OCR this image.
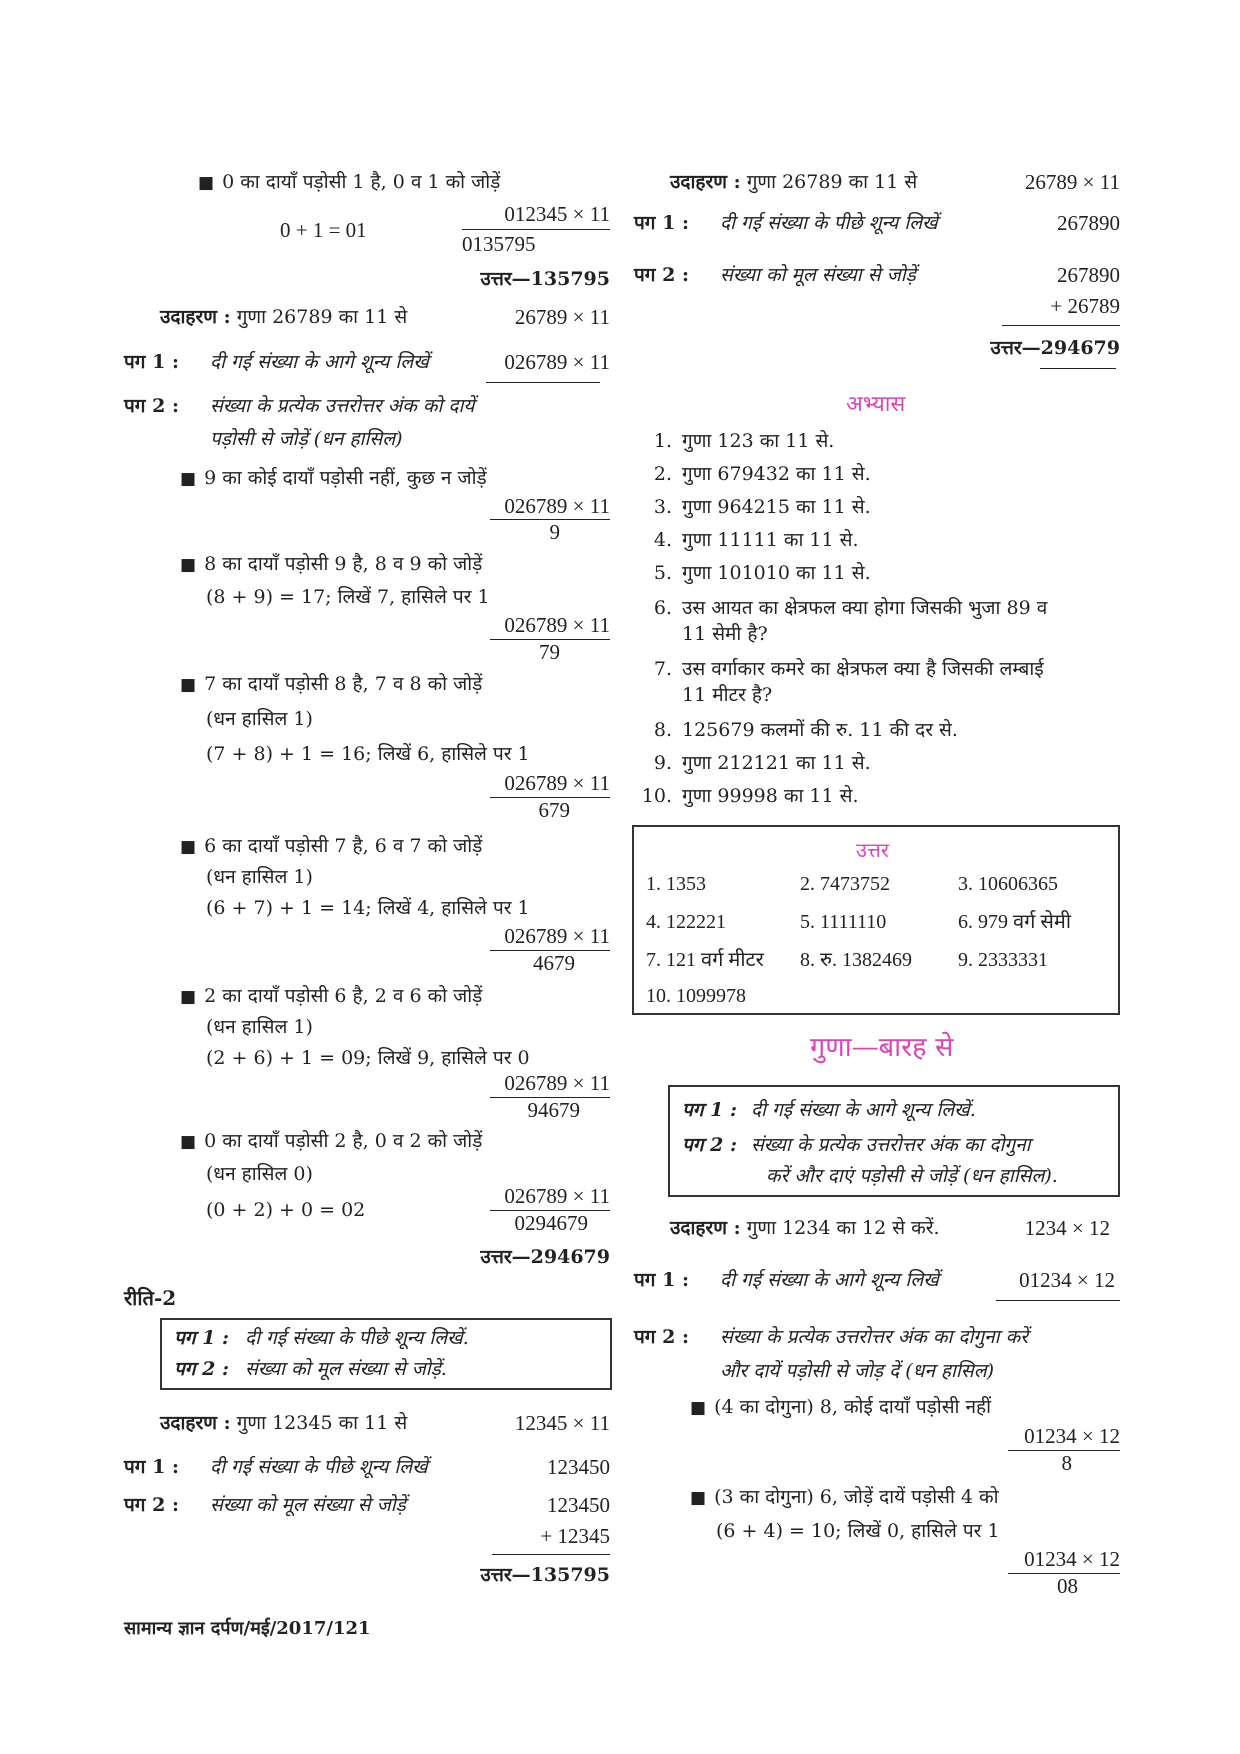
■ 0 का दायाँ पड़ोसी 1 है, 0 व 1 को जोड़ें
0 + 1 = 01
012345 × 11
0135795
उत्तर—135795
उदाहरण : गुणा 26789 का 11 से	26789 × 11
पग 1 : दी गई संख्या के आगे शून्य लिखें	026789 × 11
पग 2 : संख्या के प्रत्येक उत्तरोत्तर अंक को दायें
पड़ोसी से जोड़ें (धन हासिल)
■ 9 का कोई दायाँ पड़ोसी नहीं, कुछ न जोड़ें
026789 × 11
9
■ 8 का दायाँ पड़ोसी 9 है, 8 व 9 को जोड़ें
(8 + 9) = 17; लिखें 7, हासिले पर 1
026789 × 11
79
■ 7 का दायाँ पड़ोसी 8 है, 7 व 8 को जोड़ें
(धन हासिल 1)
(7 + 8) + 1 = 16; लिखें 6, हासिले पर 1
026789 × 11
679
■ 6 का दायाँ पड़ोसी 7 है, 6 व 7 को जोड़ें
(धन हासिल 1)
(6 + 7) + 1 = 14; लिखें 4, हासिले पर 1
026789 × 11
4679
■ 2 का दायाँ पड़ोसी 6 है, 2 व 6 को जोड़ें
(धन हासिल 1)
(2 + 6) + 1 = 09; लिखें 9, हासिले पर 0
026789 × 11
94679
■ 0 का दायाँ पड़ोसी 2 है, 0 व 2 को जोड़ें
(धन हासिल 0)
(0 + 2) + 0 = 02
026789 × 11
0294679
उत्तर—294679
रीति-2
पग 1 : दी गई संख्या के पीछे शून्य लिखें.
पग 2 : संख्या को मूल संख्या से जोड़ें.
उदाहरण : गुणा 12345 का 11 से	12345 × 11
पग 1 : दी गई संख्या के पीछे शून्य लिखें	123450
पग 2 : संख्या को मूल संख्या से जोड़ें	123450
+ 12345
उत्तर—135795
सामान्य ज्ञान दर्पण/मई/2017/121
उदाहरण : गुणा 26789 का 11 से	26789 × 11
पग 1 : दी गई संख्या के पीछे शून्य लिखें	267890
पग 2 : संख्या को मूल संख्या से जोड़ें	267890
+ 26789
उत्तर—294679
अभ्यास
1. गुणा 123 का 11 से.
2. गुणा 679432 का 11 से.
3. गुणा 964215 का 11 से.
4. गुणा 11111 का 11 से.
5. गुणा 101010 का 11 से.
6. उस आयत का क्षेत्रफल क्या होगा जिसकी भुजा 89 व
11 सेमी है?
7. उस वर्गाकार कमरे का क्षेत्रफल क्या है जिसकी लम्बाई
11 मीटर है?
8. 125679 कलमों की रु. 11 की दर से.
9. गुणा 212121 का 11 से.
10. गुणा 99998 का 11 से.
उत्तर
1. 1353	2. 7473752	3. 10606365
4. 122221	5. 1111110	6. 979 वर्ग सेमी
7. 121 वर्ग मीटर 8. रु. 1382469 9. 2333331
10. 1099978
गुणा—बारह से
पग 1 : दी गई संख्या के आगे शून्य लिखें.
पग 2 : संख्या के प्रत्येक उत्तरोत्तर अंक का दोगुना
करें और दाएं पड़ोसी से जोड़ें (धन हासिल).
उदाहरण : गुणा 1234 का 12 से करें.	1234 × 12
पग 1 : दी गई संख्या के आगे शून्य लिखें	01234 × 12
पग 2 : संख्या के प्रत्येक उत्तरोत्तर अंक का दोगुना करें
और दायें पड़ोसी से जोड़ दें (धन हासिल)
■ (4 का दोगुना) 8, कोई दायाँ पड़ोसी नहीं
01234 × 12
8
■ (3 का दोगुना) 6, जोड़ें दायें पड़ोसी 4 को
(6 + 4) = 10; लिखें 0, हासिले पर 1
01234 × 12
08
